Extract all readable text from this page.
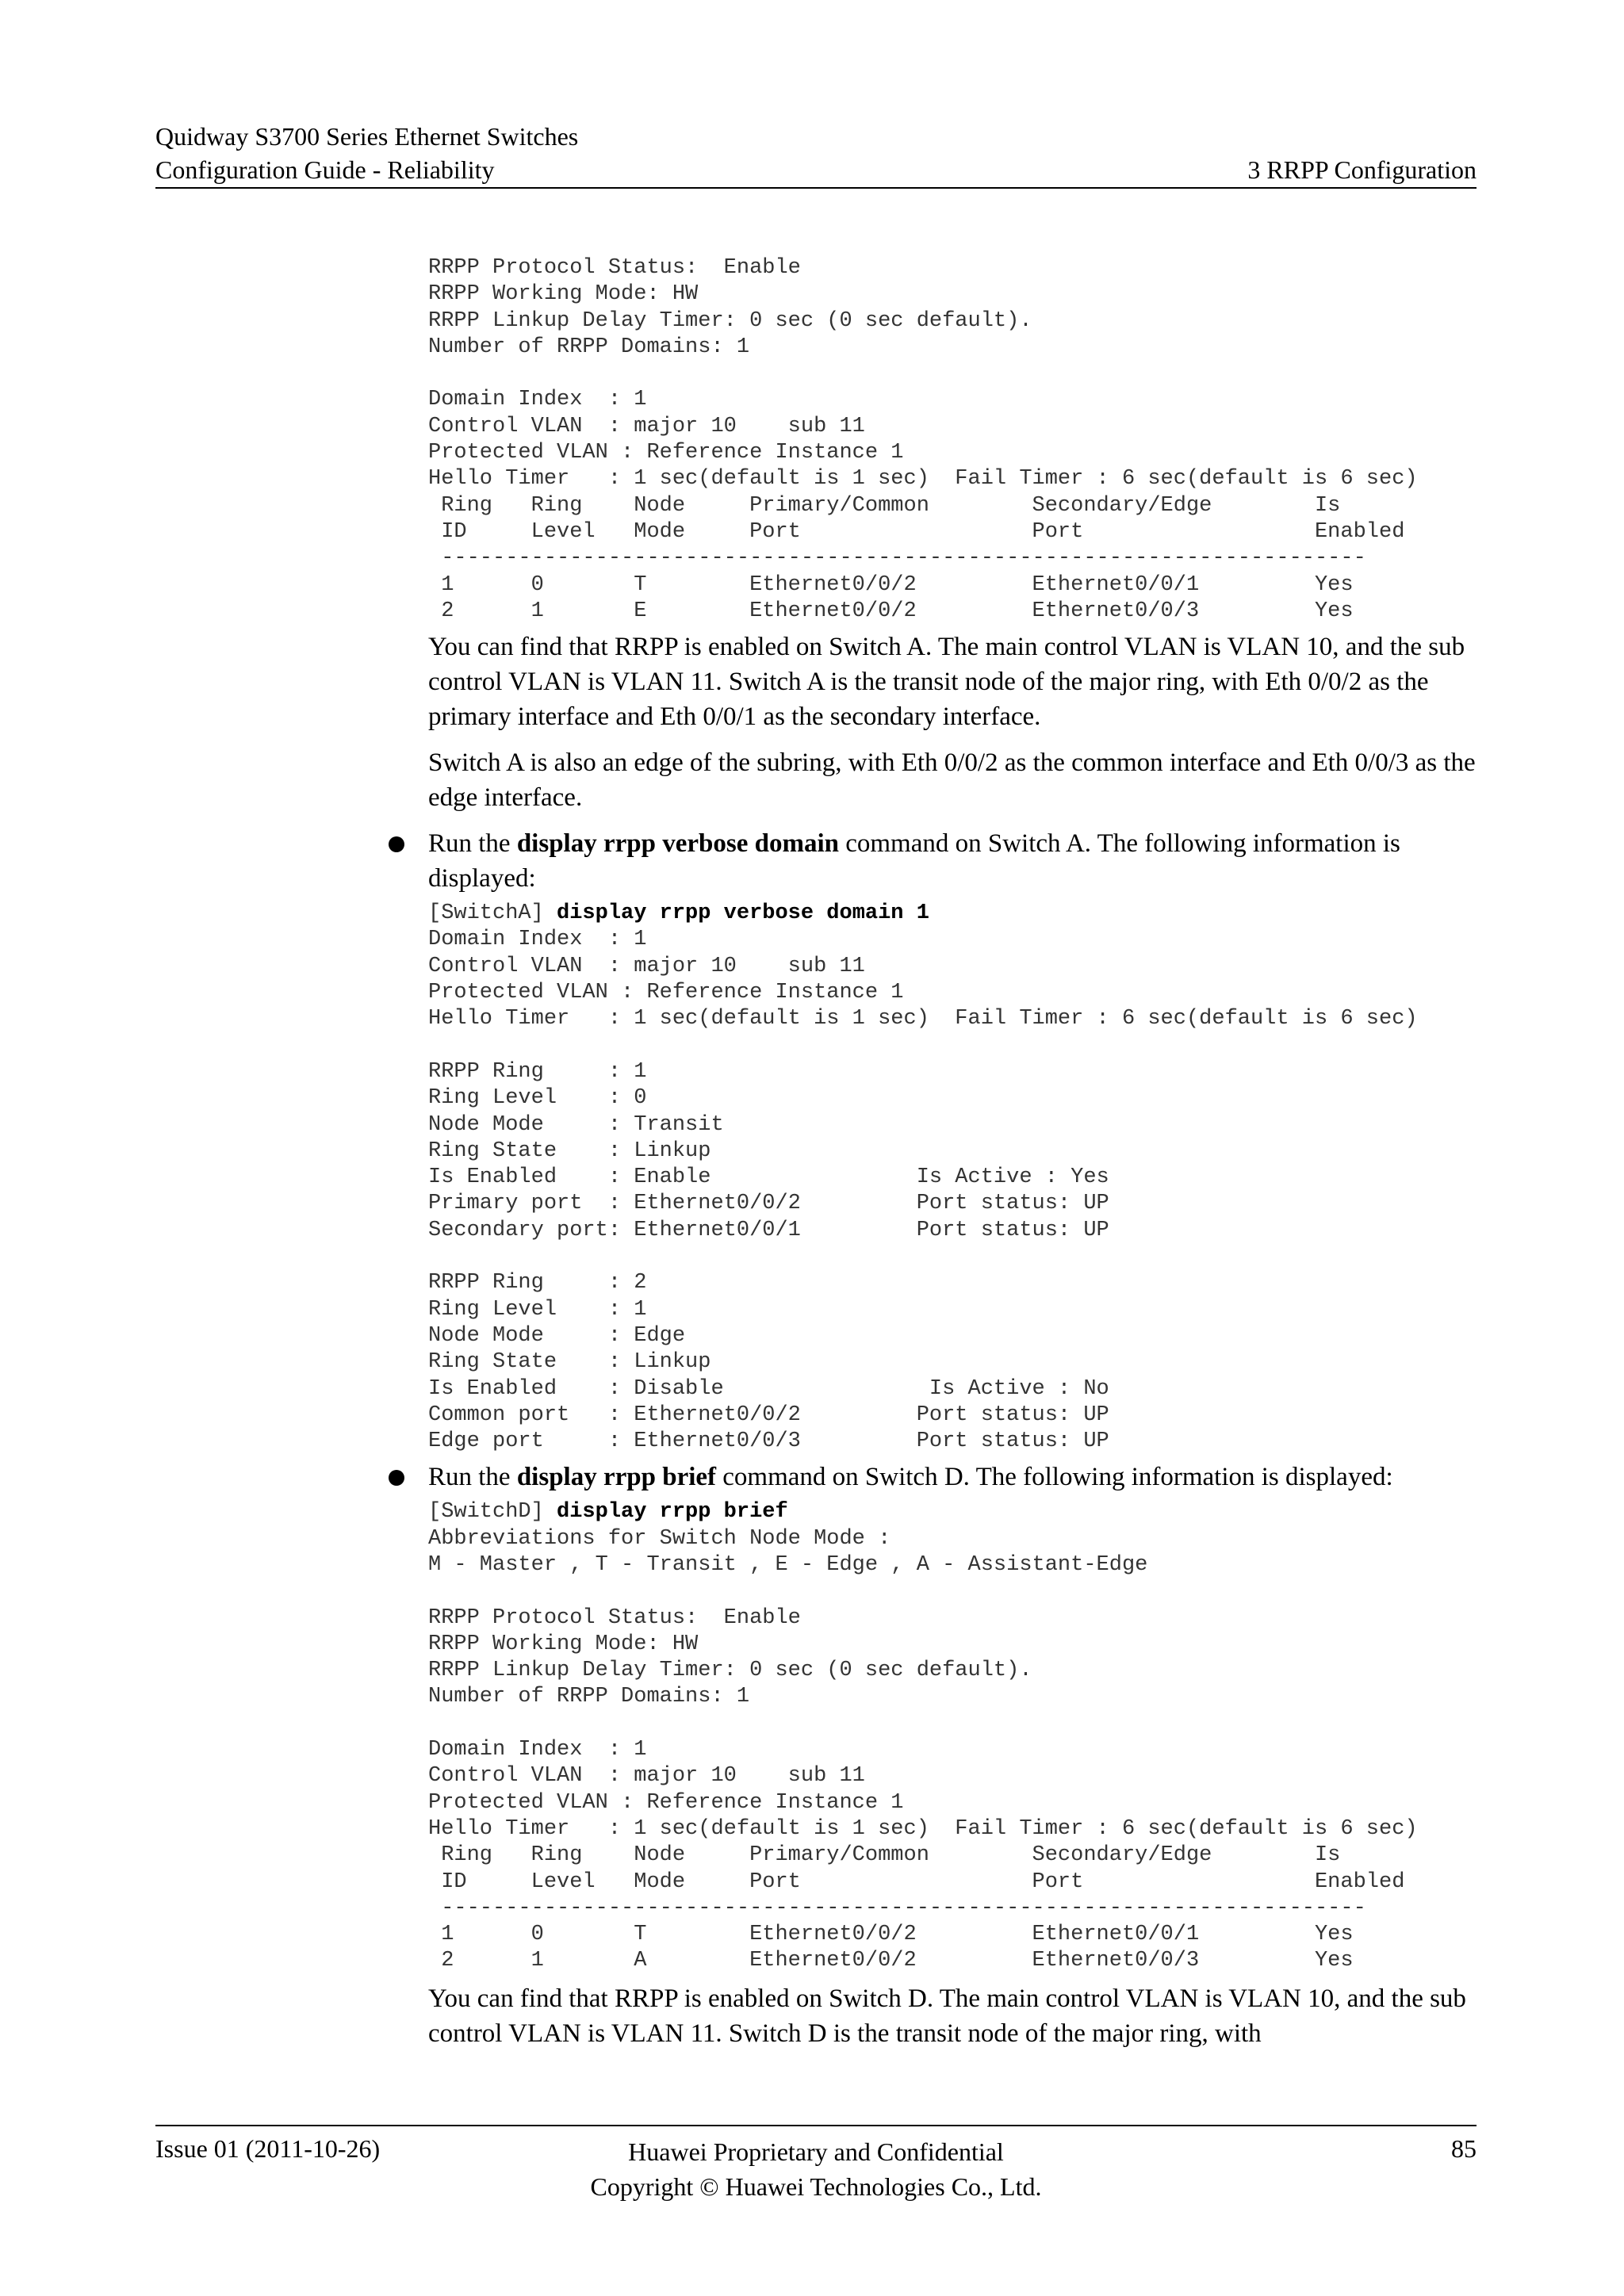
Quidway S3700 Series Ethernet Switches
Configuration Guide - Reliability	3 RRPP Configuration
RRPP Protocol Status:  Enable
RRPP Working Mode: HW
RRPP Linkup Delay Timer: 0 sec (0 sec default).
Number of RRPP Domains: 1

Domain Index  : 1
Control VLAN  : major 10    sub 11
Protected VLAN : Reference Instance 1
Hello Timer   : 1 sec(default is 1 sec)  Fail Timer : 6 sec(default is 6 sec)
Ring   Ring    Node     Primary/Common        Secondary/Edge        Is
ID     Level   Mode     Port                  Port                  Enabled
------------------------------------------------------------------------
1      0       T        Ethernet0/0/2         Ethernet0/0/1         Yes
2      1       E        Ethernet0/0/2         Ethernet0/0/3         Yes

You can find that RRPP is enabled on Switch A. The main control VLAN is VLAN 10, and the sub control VLAN is VLAN 11. Switch A is the transit node of the major ring, with Eth 0/0/2 as the primary interface and Eth 0/0/1 as the secondary interface.

Switch A is also an edge of the subring, with Eth 0/0/2 as the common interface and Eth 0/0/3 as the edge interface.

Run the display rrpp verbose domain command on Switch A. The following information is displayed:
[SwitchA] display rrpp verbose domain 1
Domain Index  : 1
Control VLAN  : major 10    sub 11
Protected VLAN : Reference Instance 1
Hello Timer   : 1 sec(default is 1 sec)  Fail Timer : 6 sec(default is 6 sec)

RRPP Ring     : 1
Ring Level    : 0
Node Mode     : Transit
Ring State    : Linkup
Is Enabled    : Enable                Is Active : Yes
Primary port  : Ethernet0/0/2         Port status: UP
Secondary port: Ethernet0/0/1         Port status: UP

RRPP Ring     : 2
Ring Level    : 1
Node Mode     : Edge
Ring State    : Linkup
Is Enabled    : Disable                Is Active : No
Common port   : Ethernet0/0/2         Port status: UP
Edge port     : Ethernet0/0/3         Port status: UP
Run the display rrpp brief command on Switch D. The following information is displayed:
[SwitchD] display rrpp brief
Abbreviations for Switch Node Mode :
M - Master , T - Transit , E - Edge , A - Assistant-Edge

RRPP Protocol Status:  Enable
RRPP Working Mode: HW
RRPP Linkup Delay Timer: 0 sec (0 sec default).
Number of RRPP Domains: 1

Domain Index  : 1
Control VLAN  : major 10    sub 11
Protected VLAN : Reference Instance 1
Hello Timer   : 1 sec(default is 1 sec)  Fail Timer : 6 sec(default is 6 sec)
Ring   Ring    Node     Primary/Common        Secondary/Edge        Is
ID     Level   Mode     Port                  Port                  Enabled
------------------------------------------------------------------------
1      0       T        Ethernet0/0/2         Ethernet0/0/1         Yes
2      1       A        Ethernet0/0/2         Ethernet0/0/3         Yes

You can find that RRPP is enabled on Switch D. The main control VLAN is VLAN 10, and the sub control VLAN is VLAN 11. Switch D is the transit node of the major ring, with

Issue 01 (2011-10-26)	Huawei Proprietary and Confidential
Copyright © Huawei Technologies Co., Ltd.
85
